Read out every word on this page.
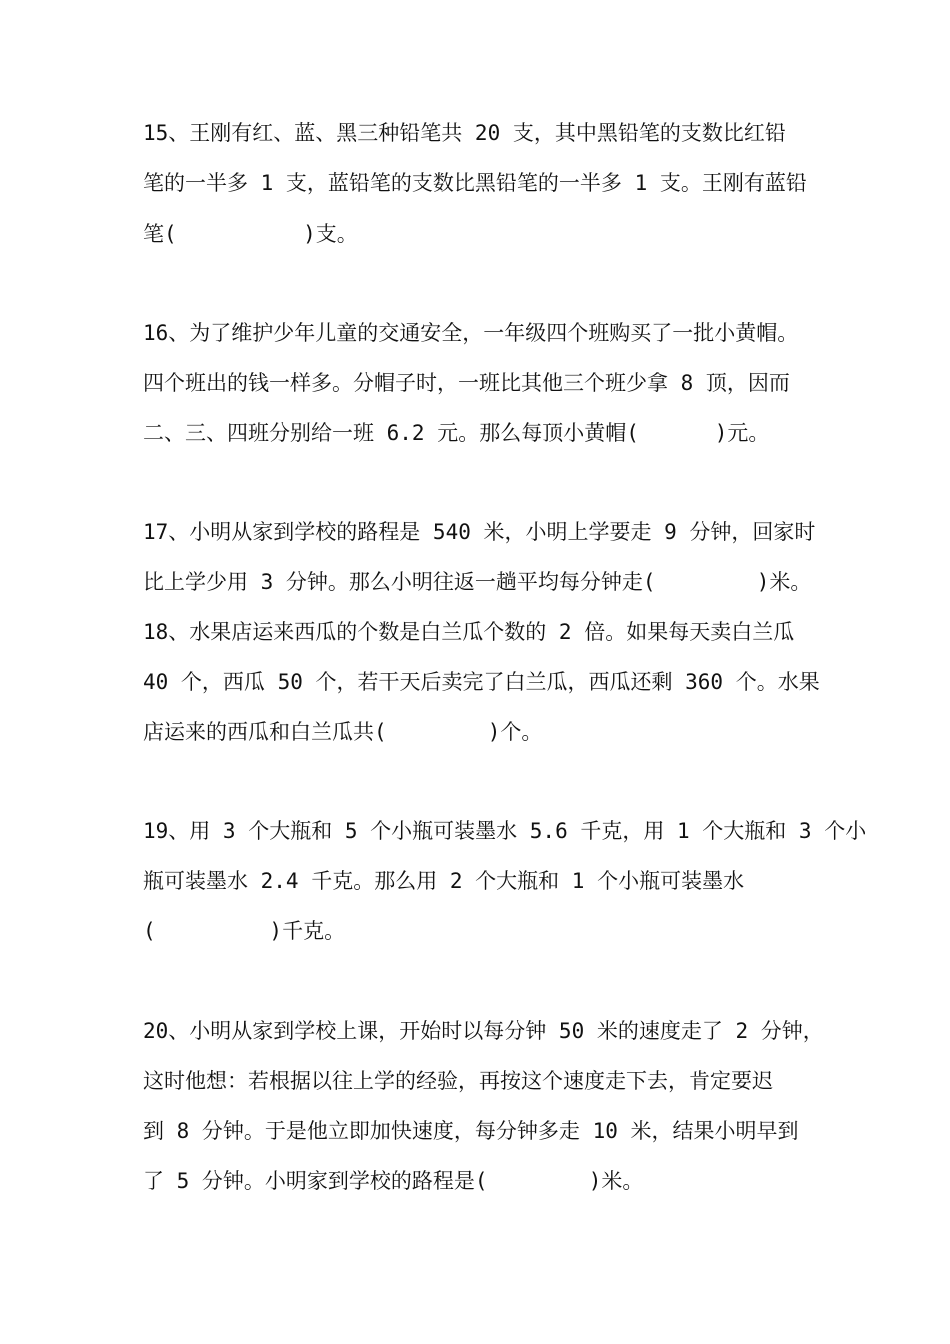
15、王刚有红、蓝、黑三种铅笔共 20 支，其中黑铅笔的支数比红铅
笔的一半多 1 支，蓝铅笔的支数比黑铅笔的一半多 1 支。王刚有蓝铅
笔(          )支。
16、为了维护少年儿童的交通安全，一年级四个班购买了一批小黄帽。
四个班出的钱一样多。分帽子时，一班比其他三个班少拿 8 顶，因而
二、三、四班分别给一班 6.2 元。那么每顶小黄帽(      )元。
17、小明从家到学校的路程是 540 米，小明上学要走 9 分钟，回家时
比上学少用 3 分钟。那么小明往返一趟平均每分钟走(        )米。
18、水果店运来西瓜的个数是白兰瓜个数的 2 倍。如果每天卖白兰瓜
40 个，西瓜 50 个，若干天后卖完了白兰瓜，西瓜还剩 360 个。水果
店运来的西瓜和白兰瓜共(        )个。
19、用 3 个大瓶和 5 个小瓶可装墨水 5.6 千克，用 1 个大瓶和 3 个小
瓶可装墨水 2.4 千克。那么用 2 个大瓶和 1 个小瓶可装墨水
(         )千克。
20、小明从家到学校上课，开始时以每分钟 50 米的速度走了 2 分钟，
这时他想：若根据以往上学的经验，再按这个速度走下去，肯定要迟
到 8 分钟。于是他立即加快速度，每分钟多走 10 米，结果小明早到
了 5 分钟。小明家到学校的路程是(        )米。
